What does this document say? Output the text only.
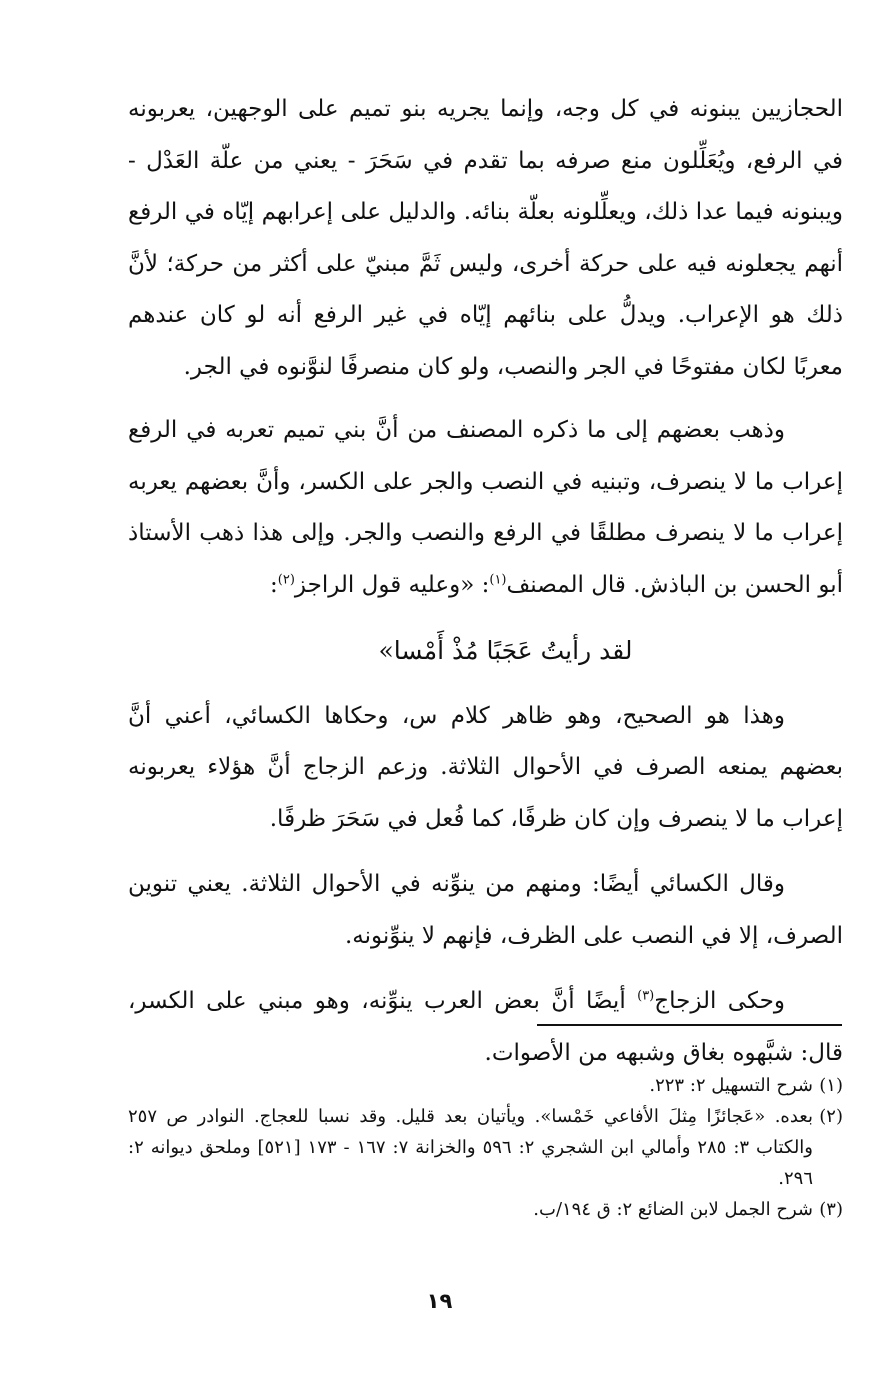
الحجازيين يبنونه في كل وجه، وإنما يجريه بنو تميم على الوجهين، يعربونه في الرفع، ويُعَلِّلون منع صرفه بما تقدم في سَحَرَ - يعني من علّة العَدْل - ويبنونه فيما عدا ذلك، ويعلِّلونه بعلّة بنائه. والدليل على إعرابهم إيّاه في الرفع أنهم يجعلونه فيه على حركة أخرى، وليس ثَمَّ مبنيّ على أكثر من حركة؛ لأنَّ ذلك هو الإعراب. ويدلُّ على بنائهم إيّاه في غير الرفع أنه لو كان عندهم معربًا لكان مفتوحًا في الجر والنصب، ولو كان منصرفًا لنوَّنوه في الجر.

وذهب بعضهم إلى ما ذكره المصنف من أنَّ بني تميم تعربه في الرفع إعراب ما لا ينصرف، وتبنيه في النصب والجر على الكسر، وأنَّ بعضهم يعربه إعراب ما لا ينصرف مطلقًا في الرفع والنصب والجر. وإلى هذا ذهب الأستاذ أبو الحسن بن الباذش. قال المصنف$^{(١)}$: «وعليه قول الراجز$^{(٢)}$:

لقد رأيتُ عَجَبًا مُذْ أَمْسا»

وهذا هو الصحيح، وهو ظاهر كلام س، وحكاها الكسائي، أعني أنَّ بعضهم يمنعه الصرف في الأحوال الثلاثة. وزعم الزجاج أنَّ هؤلاء يعربونه إعراب ما لا ينصرف وإن كان ظرفًا، كما فُعل في سَحَرَ ظرفًا.

وقال الكسائي أيضًا: ومنهم من ينوِّنه في الأحوال الثلاثة. يعني تنوين الصرف، إلا في النصب على الظرف، فإنهم لا ينوِّنونه.

وحكى الزجاج$^{(٣)}$ أيضًا أنَّ بعض العرب ينوِّنه، وهو مبني على الكسر، قال: شبَّهوه بغاق وشبهه من الأصوات.

(١)
شرح التسهيل ٢: ٢٢٣.
(٢)
بعده. «عَجائزًا مِثلَ الأفاعي خَمْسا». ويأتيان بعد قليل. وقد نسبا للعجاج. النوادر ص ٢٥٧ والكتاب ٣: ٢٨٥ وأمالي ابن الشجري ٢: ٥٩٦ والخزانة ٧: ١٦٧ - ١٧٣ [٥٢١] وملحق ديوانه ٢: ٢٩٦.
(٣)
شرح الجمل لابن الضائع ٢: ق ١٩٤/ب.
١٩
